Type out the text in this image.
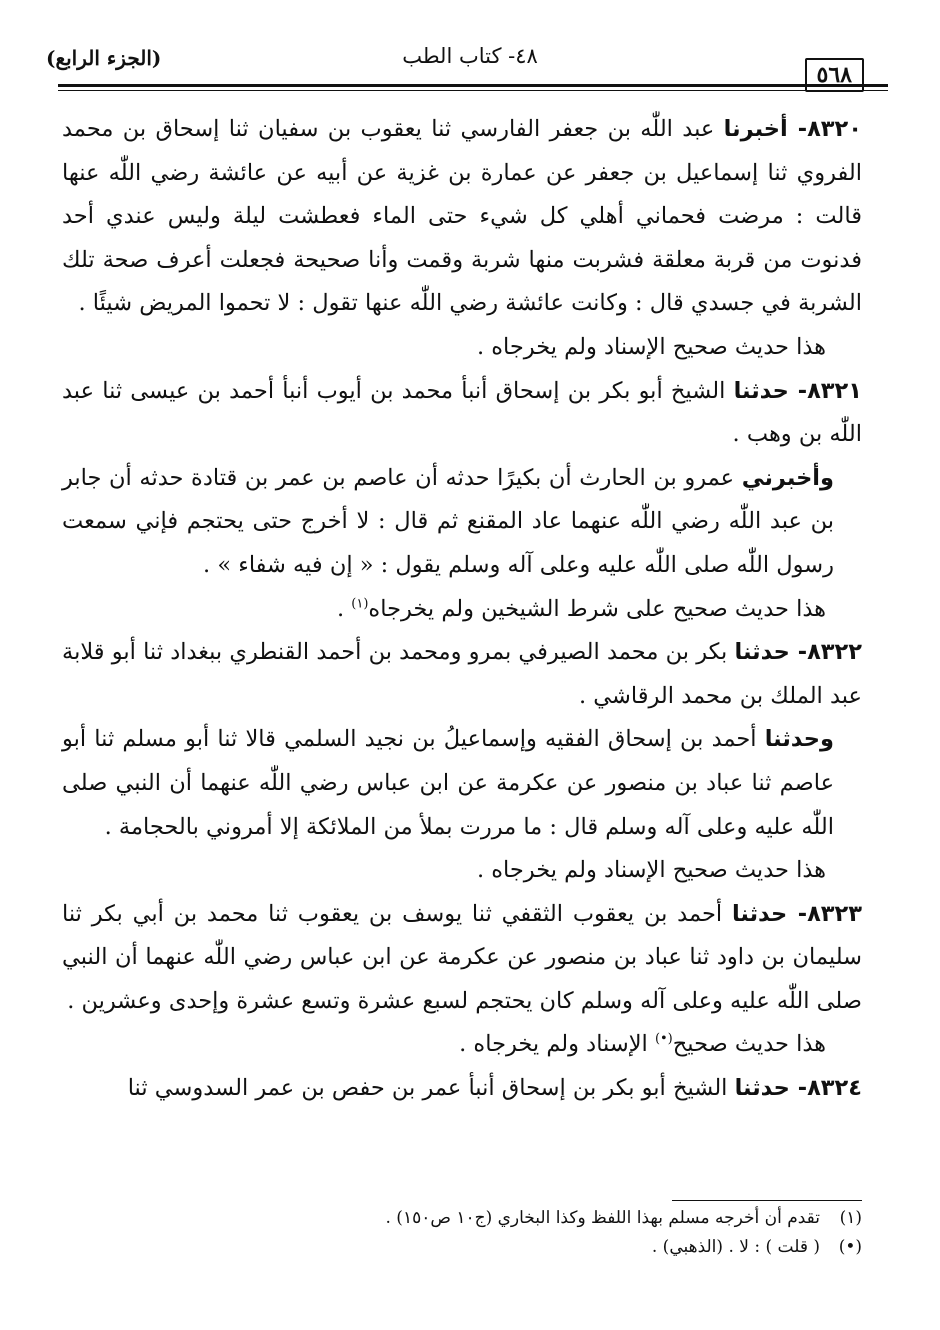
٥٦٨
٤٨- كتاب الطب
(الجزء الرابع)

٨٣٢٠- أخبرنا عبد اللّٰه بن جعفر الفارسي ثنا يعقوب بن سفيان ثنا إسحاق بن محمد الفروي ثنا إسماعيل بن جعفر عن عمارة بن غزية عن أبيه عن عائشة رضي اللّٰه عنها قالت : مرضت فحماني أهلي كل شيء حتى الماء فعطشت ليلة وليس عندي أحد فدنوت من قربة معلقة فشربت منها شربة وقمت وأنا صحيحة فجعلت أعرف صحة تلك الشربة في جسدي قال : وكانت عائشة رضي اللّٰه عنها تقول : لا تحموا المريض شيئًا .

هذا حديث صحيح الإسناد ولم يخرجاه .

٨٣٢١- حدثنا الشيخ أبو بكر بن إسحاق أنبأ محمد بن أيوب أنبأ أحمد بن عيسى ثنا عبد اللّٰه بن وهب .

وأخبرني عمرو بن الحارث أن بكيرًا حدثه أن عاصم بن عمر بن قتادة حدثه أن جابر بن عبد اللّٰه رضي اللّٰه عنهما عاد المقنع ثم قال : لا أخرج حتى يحتجم فإني سمعت رسول اللّٰه صلى اللّٰه عليه وعلى آله وسلم يقول : « إن فيه شفاء » .

هذا حديث صحيح على شرط الشيخين ولم يخرجاه$^{(١)}$ .

٨٣٢٢- حدثنا بكر بن محمد الصيرفي بمرو ومحمد بن أحمد القنطري ببغداد ثنا أبو قلابة عبد الملك بن محمد الرقاشي .

وحدثنا أحمد بن إسحاق الفقيه وإسماعيلُ بن نجيد السلمي قالا ثنا أبو مسلم ثنا أبو عاصم ثنا عباد بن منصور عن عكرمة عن ابن عباس رضي اللّٰه عنهما أن النبي صلى اللّٰه عليه وعلى آله وسلم قال : ما مررت بملأ من الملائكة إلا أمروني بالحجامة .

هذا حديث صحيح الإسناد ولم يخرجاه .

٨٣٢٣- حدثنا أحمد بن يعقوب الثقفي ثنا يوسف بن يعقوب ثنا محمد بن أبي بكر ثنا سليمان بن داود ثنا عباد بن منصور عن عكرمة عن ابن عباس رضي اللّٰه عنهما أن النبي صلى اللّٰه عليه وعلى آله وسلم كان يحتجم لسبع عشرة وتسع عشرة وإحدى وعشرين .

هذا حديث صحيح(•) الإسناد ولم يخرجاه .

٨٣٢٤- حدثنا الشيخ أبو بكر بن إسحاق أنبأ عمر بن حفص بن عمر السدوسي ثنا

(١)تقدم أن أخرجه مسلم بهذا اللفظ وكذا البخاري (ج١٠ ص١٥٠) .

(•)( قلت ) : لا . (الذهبي) .
